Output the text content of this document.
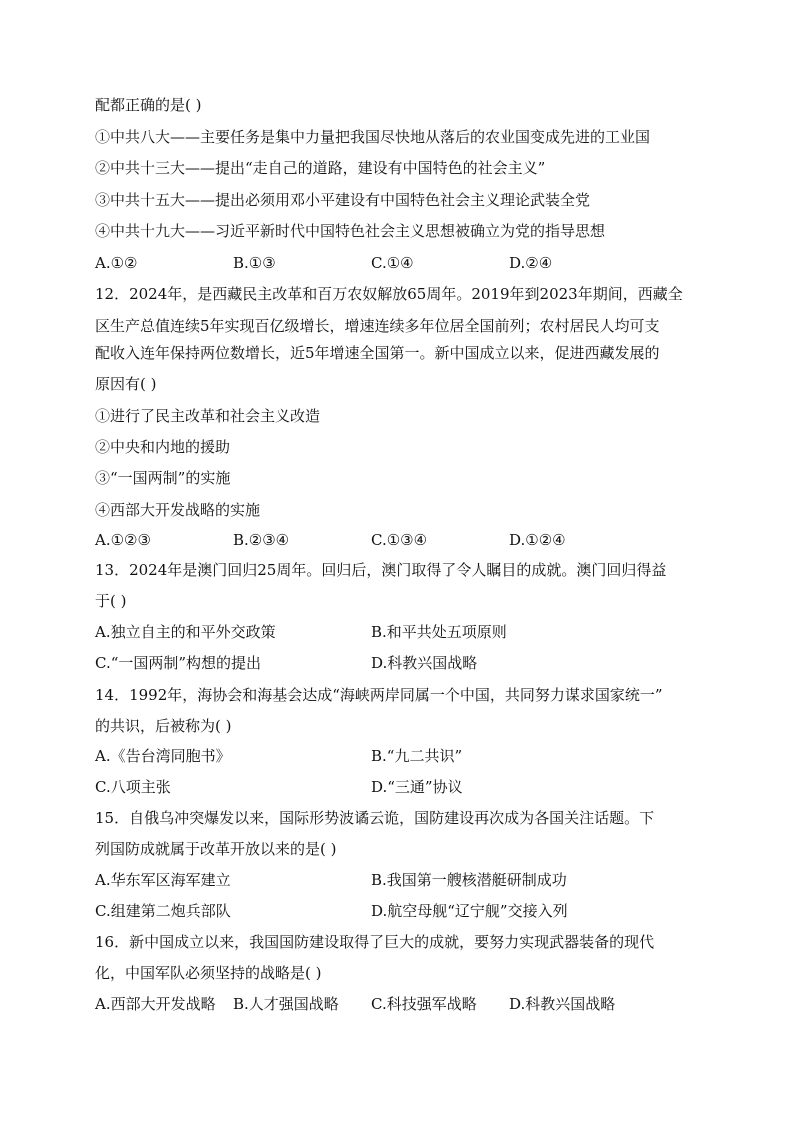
配都正确的是( )
①中共八大——主要任务是集中力量把我国尽快地从落后的农业国变成先进的工业国
②中共十三大——提出“走自己的道路，建设有中国特色的社会主义”
③中共十五大——提出必须用邓小平建设有中国特色社会主义理论武装全党
④中共十九大——习近平新时代中国特色社会主义思想被确立为党的指导思想
A.①②	B.①③	C.①④	D.②④
12．2024年，是西藏民主改革和百万农奴解放65周年。2019年到2023年期间，西藏全
区生产总值连续5年实现百亿级增长，增速连续多年位居全国前列；农村居民人均可支
配收入连年保持两位数增长，近5年增速全国第一。新中国成立以来，促进西藏发展的
原因有( )
①进行了民主改革和社会主义改造
②中央和内地的援助
③“一国两制”的实施
④西部大开发战略的实施
A.①②③	B.②③④	C.①③④	D.①②④
13．2024年是澳门回归25周年。回归后，澳门取得了令人瞩目的成就。澳门回归得益
于( )
A.独立自主的和平外交政策	B.和平共处五项原则
C.“一国两制”构想的提出	D.科教兴国战略
14．1992年，海协会和海基会达成“海峡两岸同属一个中国，共同努力谋求国家统一”
的共识，后被称为( )
A.《告台湾同胞书》	B.“九二共识”
C.八项主张	D.“三通”协议
15．自俄乌冲突爆发以来，国际形势波谲云诡，国防建设再次成为各国关注话题。下
列国防成就属于改革开放以来的是( )
A.华东军区海军建立	B.我国第一艘核潜艇研制成功
C.组建第二炮兵部队	D.航空母舰“辽宁舰”交接入列
16．新中国成立以来，我国国防建设取得了巨大的成就，要努力实现武器装备的现代
化，中国军队必须坚持的战略是( )
A.西部大开发战略 B.人才强国战略 C.科技强军战略 D.科教兴国战略
